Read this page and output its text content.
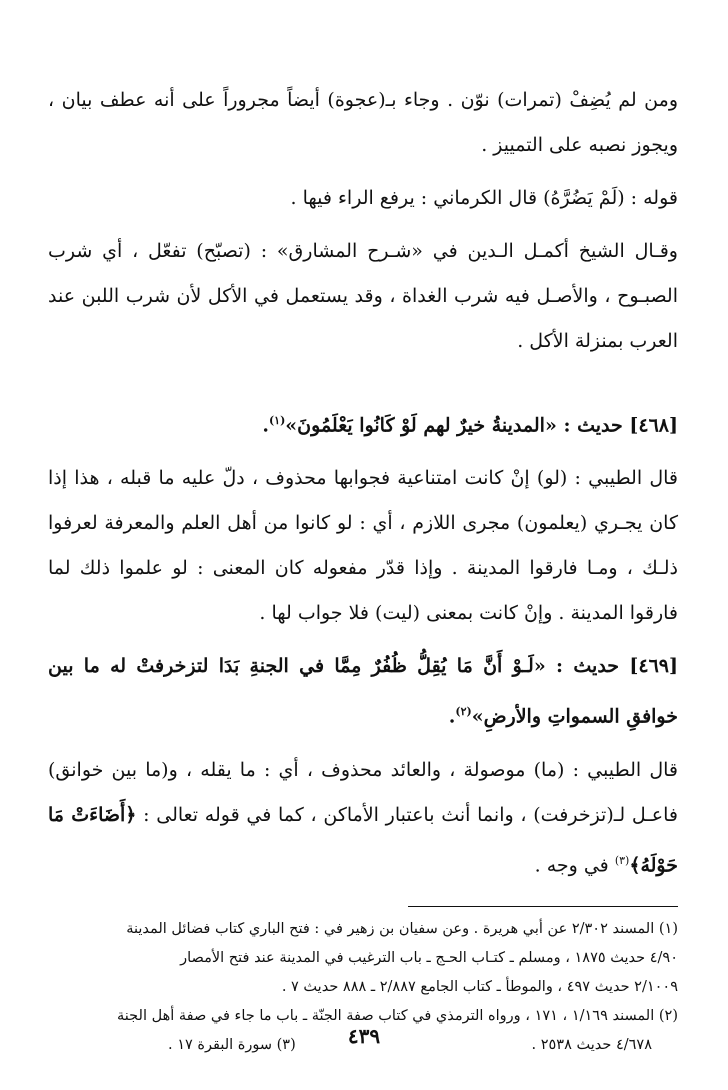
ومن لم يُضِفْ (تمرات) نوّن . وجاء بـ(عجوة) أيضاً مجروراً على أنه عطف بيان ، ويجوز نصبه على التمييز .

قوله : (لَمْ يَضُرَّهُ) قال الكرماني : يرفع الراء فيها .

وقـال الشيخ أكمـل الـدين في «شـرح المشارق» : (تصبّح) تفعّل ، أي شرب الصبـوح ، والأصـل فيه شرب الغداة ، وقد يستعمل في الأكل لأن شرب اللبن عند العرب بمنزلة الأكل .

[٤٦٨] حديث : «المدينةُ خيرٌ لهم لَوْ كَانُوا يَعْلَمُونَ»$^{(١)}$.

قال الطيبي : (لو) إنْ كانت امتناعية فجوابها محذوف ، دلّ عليه ما قبله ، هذا إذا كان يجـري (يعلمون) مجرى اللازم ، أي : لو كانوا من أهل العلم والمعرفة لعرفوا ذلـك ، ومـا فارقوا المدينة . وإذا قدّر مفعوله كان المعنى : لو علموا ذلك لما فارقوا المدينة . وإنْ كانت بمعنى (ليت) فلا جواب لها .

[٤٦٩] حديث : «لَـوْ أَنَّ مَا يُقِلُّ ظُفُرٌ مِمَّا في الجنةِ بَدَا لتزخرفتْ له ما بين خوافقِ السمواتِ والأرضِ»$^{(٢)}$.

قال الطيبي : (ما) موصولة ، والعائد محذوف ، أي : ما يقله ، و(ما بين خوانق) فاعـل لـ(تزخرفت) ، وانما أنث باعتبار الأماكن ، كما في قوله تعالى : ﴿أَضَاءَتْ مَا حَوْلَهُ﴾$^{(٣)}$ في وجه .

(١) المسند ٢/٣٠٢ عن أبي هريرة . وعن سفيان بن زهير في : فتح الباري كتاب فضائل المدينة

٤/٩٠ حديث ١٨٧٥ ، ومسلم ـ كتـاب الحـج ـ باب الترغيب في المدينة عند فتح الأمصار

٢/١٠٠٩ حديث ٤٩٧ ، والموطأ ـ كتاب الجامع ٢/٨٨٧ ـ ٨٨٨ حديث ٧ .

(٢) المسند ١/١٦٩ ، ١٧١ ، ورواه الترمذي في كتاب صفة الجنّة ـ باب ما جاء في صفة أهل الجنة

٤/٦٧٨ حديث ٢٥٣٨ .
(٣) سورة البقرة ١٧ .	٤٣٩
